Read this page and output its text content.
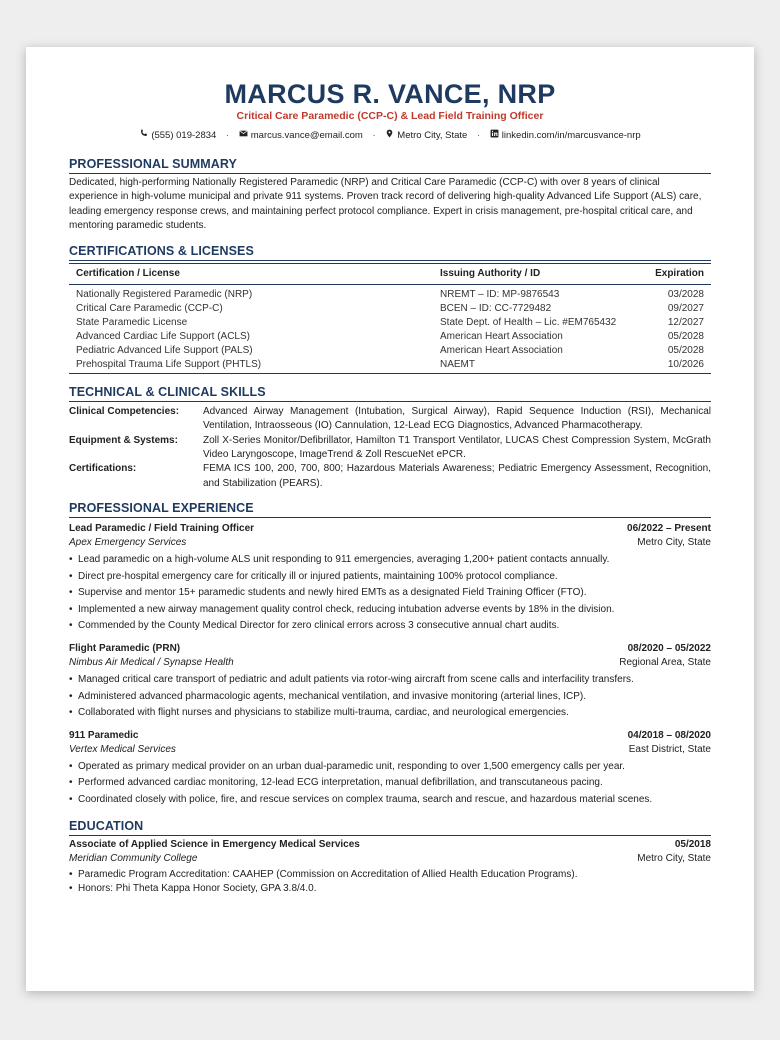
MARCUS R. VANCE, NRP
Critical Care Paramedic (CCP-C) & Lead Field Training Officer
(555) 019-2834 · marcus.vance@email.com · Metro City, State · linkedin.com/in/marcusvance-nrp
PROFESSIONAL SUMMARY
Dedicated, high-performing Nationally Registered Paramedic (NRP) and Critical Care Paramedic (CCP-C) with over 8 years of clinical experience in high-volume municipal and private 911 systems. Proven track record of delivering high-quality Advanced Life Support (ALS) care, leading emergency response crews, and maintaining perfect protocol compliance. Expert in crisis management, pre-hospital critical care, and mentoring paramedic students.
CERTIFICATIONS & LICENSES
Certification / License	Issuing Authority / ID	Expiration
Nationally Registered Paramedic (NRP)	NREMT – ID: MP-9876543	03/2028
Critical Care Paramedic (CCP-C)	BCEN – ID: CC-7729482	09/2027
State Paramedic License	State Dept. of Health – Lic. #EM765432	12/2027
Advanced Cardiac Life Support (ACLS)	American Heart Association	05/2028
Pediatric Advanced Life Support (PALS)	American Heart Association	05/2028
Prehospital Trauma Life Support (PHTLS)	NAEMT	10/2026
TECHNICAL & CLINICAL SKILLS
Clinical Competencies:	Advanced Airway Management (Intubation, Surgical Airway), Rapid Sequence Induction (RSI), Mechanical Ventilation, Intraosseous (IO) Cannulation, 12-Lead ECG Diagnostics, Advanced Pharmacotherapy.
Equipment & Systems:	Zoll X-Series Monitor/Defibrillator, Hamilton T1 Transport Ventilator, LUCAS Chest Compression System, McGrath Video Laryngoscope, ImageTrend & Zoll RescueNet ePCR.
Certifications:	FEMA ICS 100, 200, 700, 800; Hazardous Materials Awareness; Pediatric Emergency Assessment, Recognition, and Stabilization (PEARS).
PROFESSIONAL EXPERIENCE
Lead Paramedic / Field Training Officer	06/2022 – Present
Apex Emergency Services	Metro City, State
• Lead paramedic on a high-volume ALS unit responding to 911 emergencies, averaging 1,200+ patient contacts annually.
• Direct pre-hospital emergency care for critically ill or injured patients, maintaining 100% protocol compliance.
• Supervise and mentor 15+ paramedic students and newly hired EMTs as a designated Field Training Officer (FTO).
• Implemented a new airway management quality control check, reducing intubation adverse events by 18% in the division.
• Commended by the County Medical Director for zero clinical errors across 3 consecutive annual chart audits.
Flight Paramedic (PRN)	08/2020 – 05/2022
Nimbus Air Medical / Synapse Health	Regional Area, State
• Managed critical care transport of pediatric and adult patients via rotor-wing aircraft from scene calls and interfacility transfers.
• Administered advanced pharmacologic agents, mechanical ventilation, and invasive monitoring (arterial lines, ICP).
• Collaborated with flight nurses and physicians to stabilize multi-trauma, cardiac, and neurological emergencies.
911 Paramedic	04/2018 – 08/2020
Vertex Medical Services	East District, State
• Operated as primary medical provider on an urban dual-paramedic unit, responding to over 1,500 emergency calls per year.
• Performed advanced cardiac monitoring, 12-lead ECG interpretation, manual defibrillation, and transcutaneous pacing.
• Coordinated closely with police, fire, and rescue services on complex trauma, search and rescue, and hazardous material scenes.
EDUCATION
Associate of Applied Science in Emergency Medical Services	05/2018
Meridian Community College	Metro City, State
• Paramedic Program Accreditation: CAAHEP (Commission on Accreditation of Allied Health Education Programs).
• Honors: Phi Theta Kappa Honor Society, GPA 3.8/4.0.
